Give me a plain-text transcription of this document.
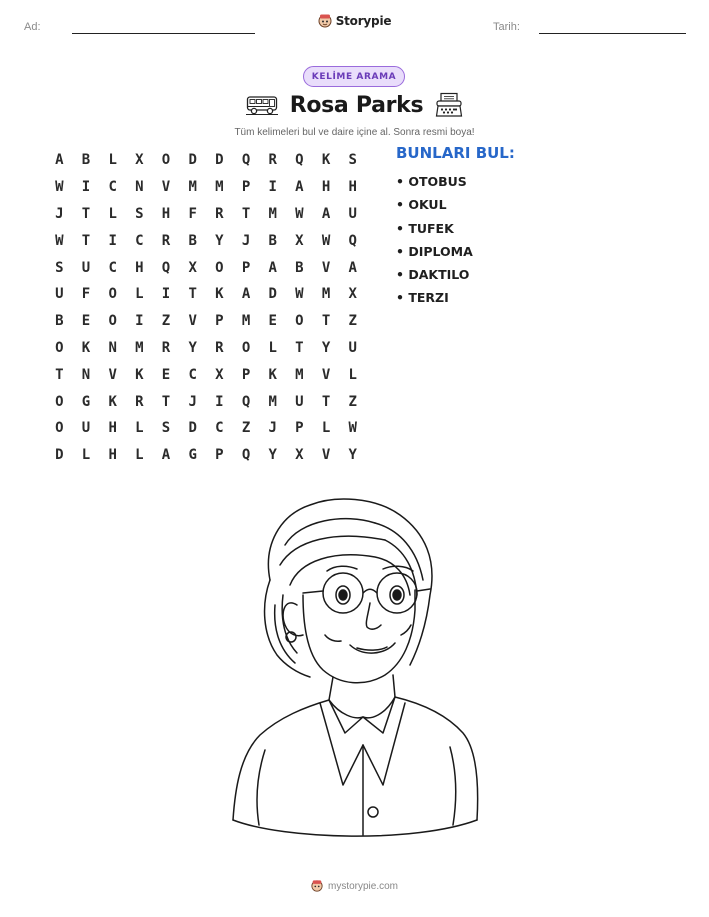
Ad:	Storypie	Tarih:
KELİME ARAMA
Rosa Parks
Tüm kelimeleri bul ve daire içine al. Sonra resmi boya!
A	B	L	X	O	D	D	Q	R	Q	K	S
W	I	C	N	V	M	M	P	I	A	H	H
J	T	L	S	H	F	R	T	M	W	A	U
W	T	I	C	R	B	Y	J	B	X	W	Q
S	U	C	H	Q	X	O	P	A	B	V	A
U	F	O	L	I	T	K	A	D	W	M	X
B	E	O	I	Z	V	P	M	E	O	T	Z
O	K	N	M	R	Y	R	O	L	T	Y	U
T	N	V	K	E	C	X	P	K	M	V	L
O	G	K	R	T	J	I	Q	M	U	T	Z
O	U	H	L	S	D	C	Z	J	P	L	W
D	L	H	L	A	G	P	Q	Y	X	V	Y
BUNLARI BUL:
• OTOBUS
• OKUL
• TUFEK
• DIPLOMA
• DAKTILO
• TERZI
mystorypie.com
